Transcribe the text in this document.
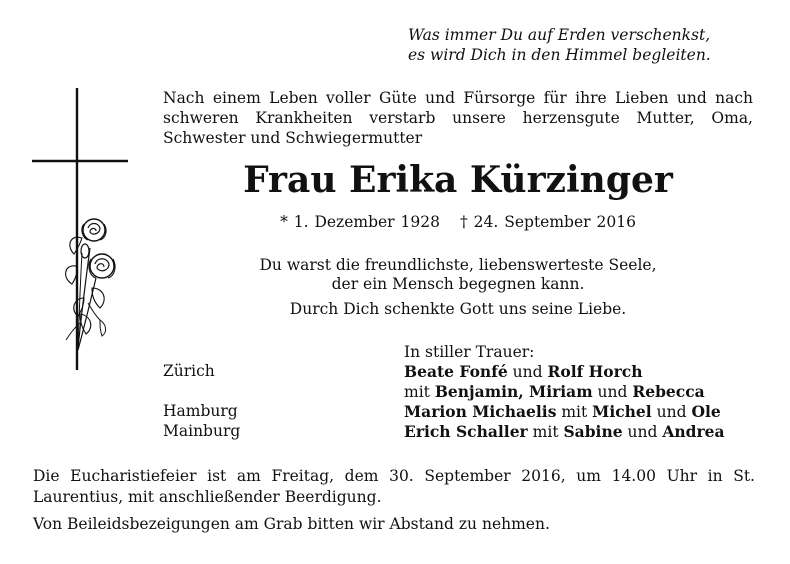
Was immer Du auf Erden verschenkst,
es wird Dich in den Himmel begleiten.
Nach einem Leben voller Güte und Fürsorge für ihre Lieben und nach schweren Krankheiten verstarb unsere herzensgute Mutter, Oma, Schwester und Schwiegermutter
Frau Erika Kürzinger
* 1. Dezember 1928 † 24. September 2016
Du warst die freundlichste, liebenswerteste Seele,
der ein Mensch begegnen kann.
Durch Dich schenkte Gott uns seine Liebe.
In stiller Trauer:
Zürich	Beate Fonfé und Rolf Horch
mit Benjamin, Miriam und Rebecca
Hamburg	Marion Michaelis mit Michel und Ole
Mainburg	Erich Schaller mit Sabine und Andrea
Die Eucharistiefeier ist am Freitag, dem 30. September 2016, um 14.00 Uhr in St. Laurentius, mit anschließender Beerdigung.
Von Beileidsbezeigungen am Grab bitten wir Abstand zu nehmen.
